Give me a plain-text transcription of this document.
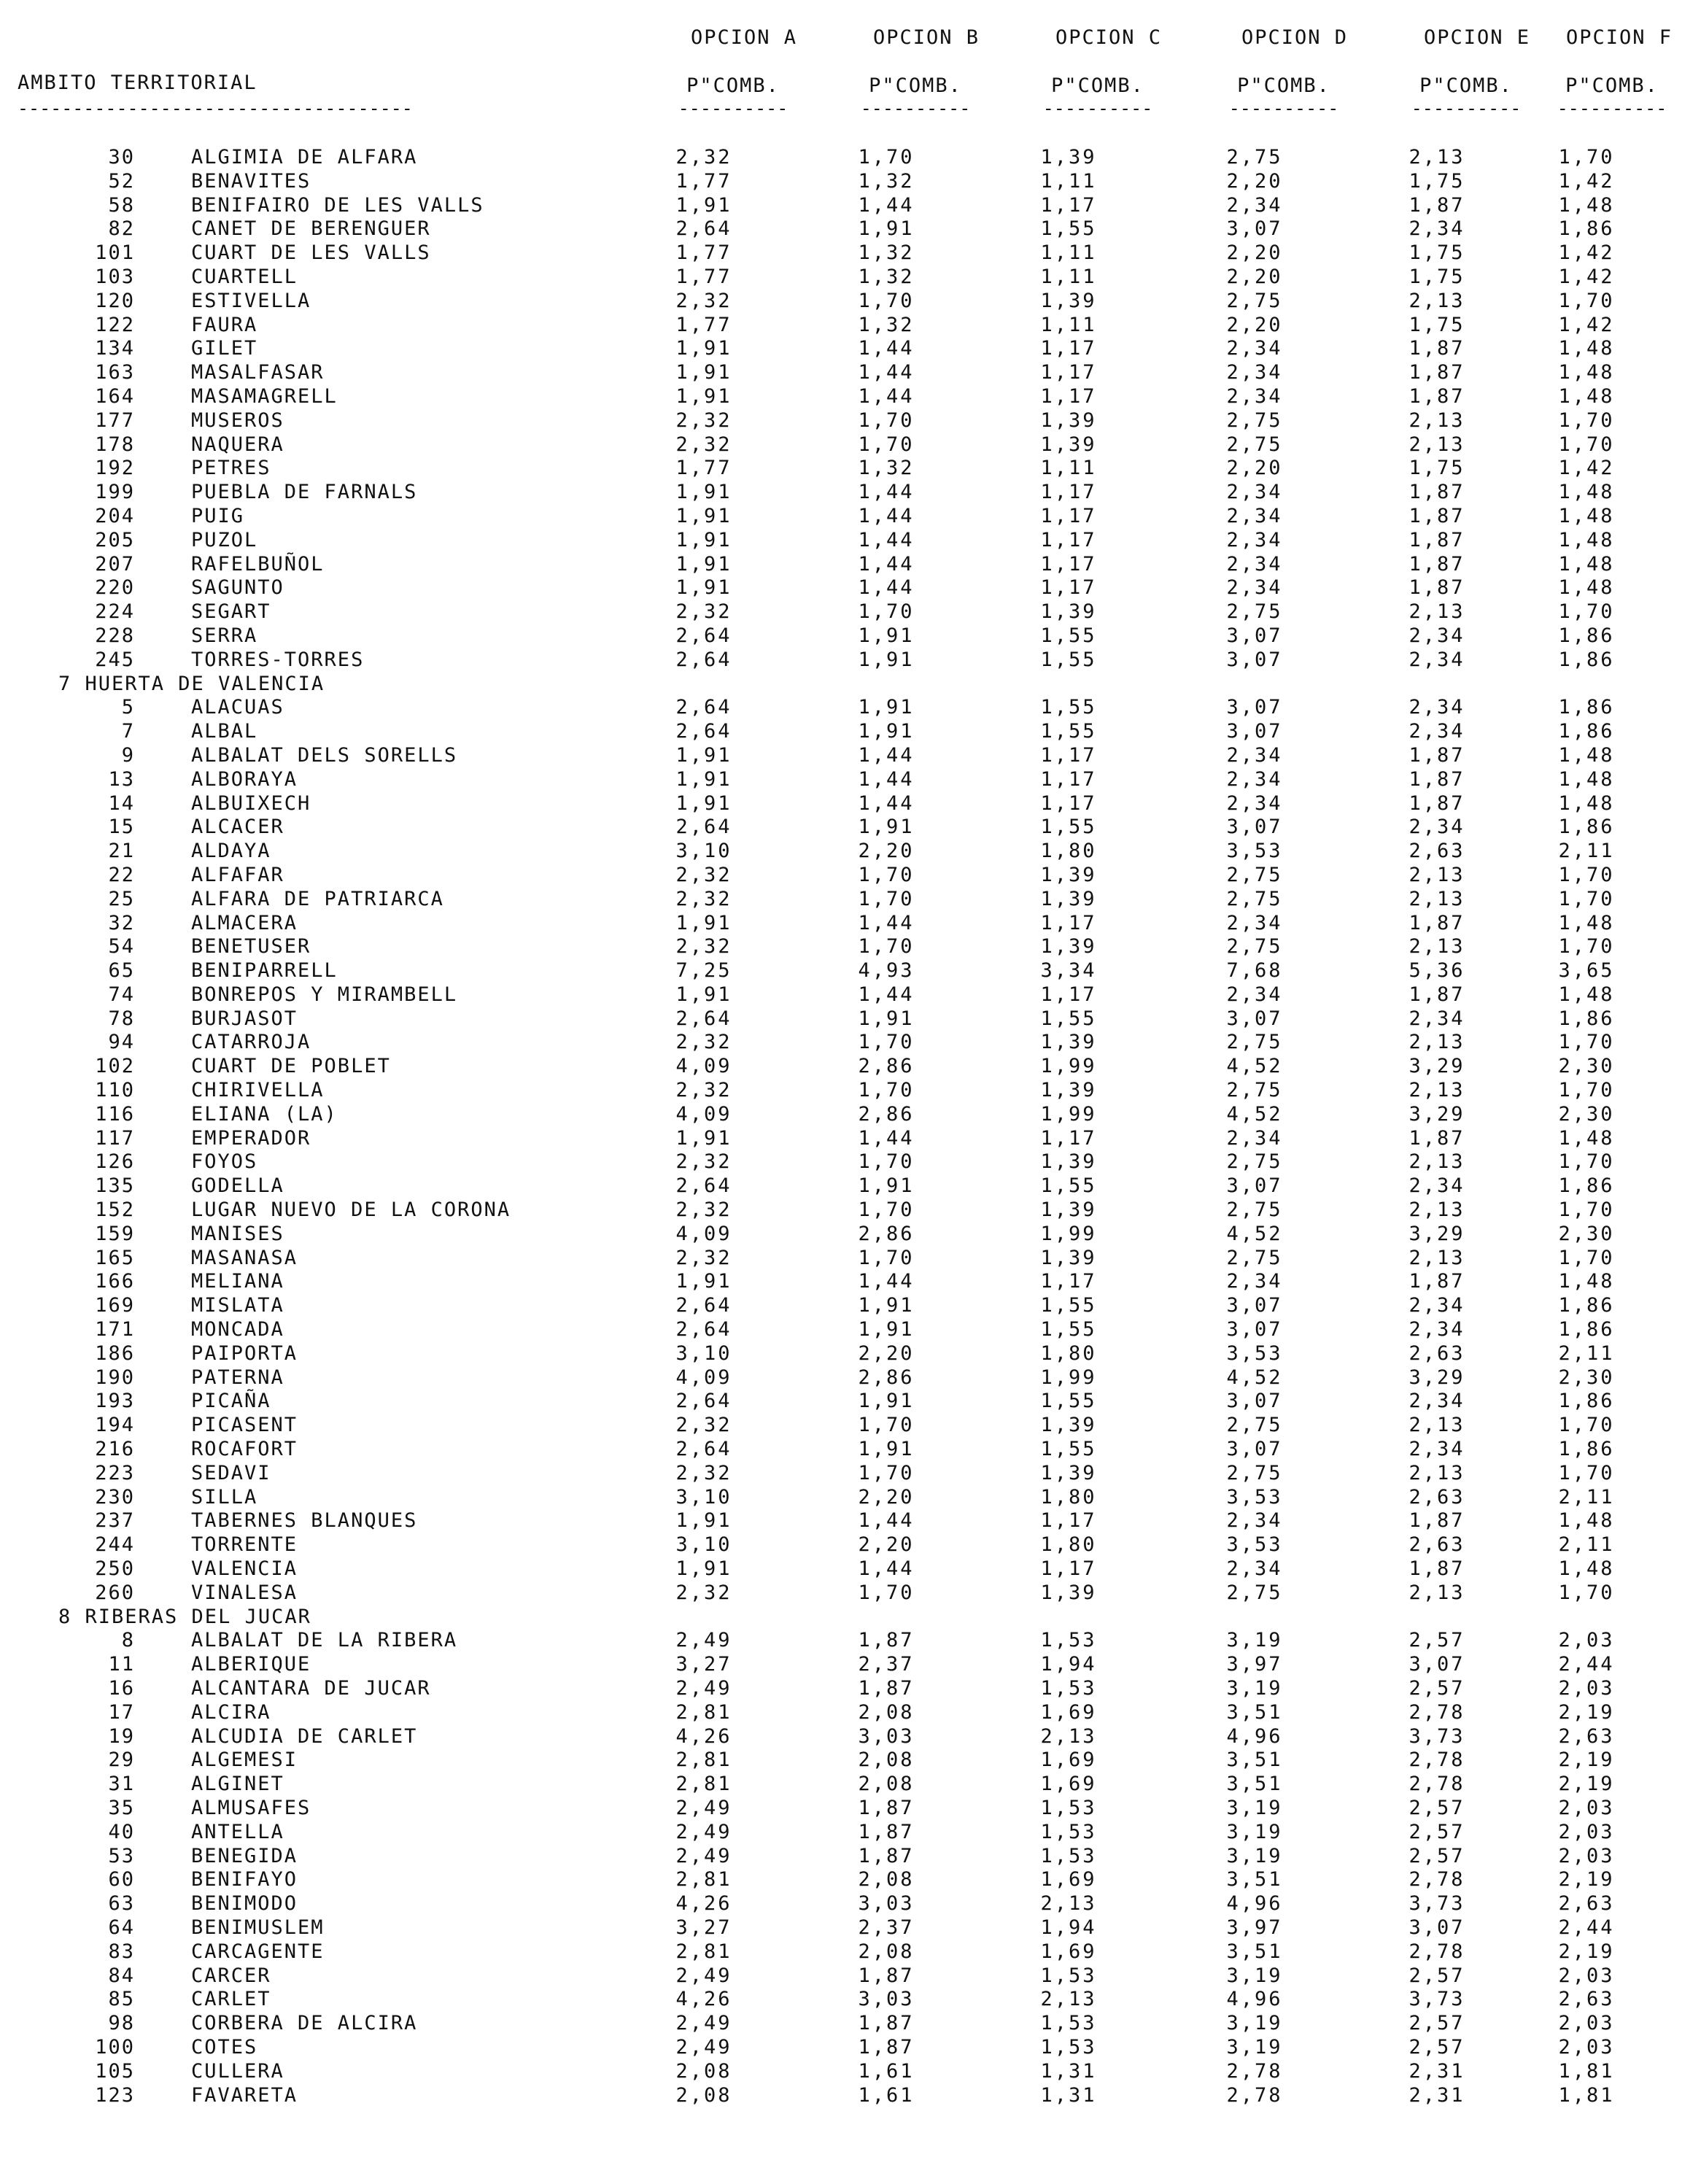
AMBITO TERRITORIAL
------------------------------------
OPCION A	OPCION B	OPCION C	OPCION D	OPCION E	OPCION F
P"COMB.	P"COMB.	P"COMB.	P"COMB.	P"COMB.	P"COMB.
----------	----------	----------	----------	----------	----------
30	ALGIMIA DE ALFARA	2,32	1,70	1,39	2,75	2,13	1,70
52	BENAVITES	1,77	1,32	1,11	2,20	1,75	1,42
58	BENIFAIRO DE LES VALLS	1,91	1,44	1,17	2,34	1,87	1,48
82	CANET DE BERENGUER	2,64	1,91	1,55	3,07	2,34	1,86
101	CUART DE LES VALLS	1,77	1,32	1,11	2,20	1,75	1,42
103	CUARTELL	1,77	1,32	1,11	2,20	1,75	1,42
120	ESTIVELLA	2,32	1,70	1,39	2,75	2,13	1,70
122	FAURA	1,77	1,32	1,11	2,20	1,75	1,42
134	GILET	1,91	1,44	1,17	2,34	1,87	1,48
163	MASALFASAR	1,91	1,44	1,17	2,34	1,87	1,48
164	MASAMAGRELL	1,91	1,44	1,17	2,34	1,87	1,48
177	MUSEROS	2,32	1,70	1,39	2,75	2,13	1,70
178	NAQUERA	2,32	1,70	1,39	2,75	2,13	1,70
192	PETRES	1,77	1,32	1,11	2,20	1,75	1,42
199	PUEBLA DE FARNALS	1,91	1,44	1,17	2,34	1,87	1,48
204	PUIG	1,91	1,44	1,17	2,34	1,87	1,48
205	PUZOL	1,91	1,44	1,17	2,34	1,87	1,48
207	RAFELBUÑOL	1,91	1,44	1,17	2,34	1,87	1,48
220	SAGUNTO	1,91	1,44	1,17	2,34	1,87	1,48
224	SEGART	2,32	1,70	1,39	2,75	2,13	1,70
228	SERRA	2,64	1,91	1,55	3,07	2,34	1,86
245	TORRES-TORRES	2,64	1,91	1,55	3,07	2,34	1,86
7 HUERTA DE VALENCIA
5	ALACUAS	2,64	1,91	1,55	3,07	2,34	1,86
7	ALBAL	2,64	1,91	1,55	3,07	2,34	1,86
9	ALBALAT DELS SORELLS	1,91	1,44	1,17	2,34	1,87	1,48
13	ALBORAYA	1,91	1,44	1,17	2,34	1,87	1,48
14	ALBUIXECH	1,91	1,44	1,17	2,34	1,87	1,48
15	ALCACER	2,64	1,91	1,55	3,07	2,34	1,86
21	ALDAYA	3,10	2,20	1,80	3,53	2,63	2,11
22	ALFAFAR	2,32	1,70	1,39	2,75	2,13	1,70
25	ALFARA DE PATRIARCA	2,32	1,70	1,39	2,75	2,13	1,70
32	ALMACERA	1,91	1,44	1,17	2,34	1,87	1,48
54	BENETUSER	2,32	1,70	1,39	2,75	2,13	1,70
65	BENIPARRELL	7,25	4,93	3,34	7,68	5,36	3,65
74	BONREPOS Y MIRAMBELL	1,91	1,44	1,17	2,34	1,87	1,48
78	BURJASOT	2,64	1,91	1,55	3,07	2,34	1,86
94	CATARROJA	2,32	1,70	1,39	2,75	2,13	1,70
102	CUART DE POBLET	4,09	2,86	1,99	4,52	3,29	2,30
110	CHIRIVELLA	2,32	1,70	1,39	2,75	2,13	1,70
116	ELIANA (LA)	4,09	2,86	1,99	4,52	3,29	2,30
117	EMPERADOR	1,91	1,44	1,17	2,34	1,87	1,48
126	FOYOS	2,32	1,70	1,39	2,75	2,13	1,70
135	GODELLA	2,64	1,91	1,55	3,07	2,34	1,86
152	LUGAR NUEVO DE LA CORONA	2,32	1,70	1,39	2,75	2,13	1,70
159	MANISES	4,09	2,86	1,99	4,52	3,29	2,30
165	MASANASA	2,32	1,70	1,39	2,75	2,13	1,70
166	MELIANA	1,91	1,44	1,17	2,34	1,87	1,48
169	MISLATA	2,64	1,91	1,55	3,07	2,34	1,86
171	MONCADA	2,64	1,91	1,55	3,07	2,34	1,86
186	PAIPORTA	3,10	2,20	1,80	3,53	2,63	2,11
190	PATERNA	4,09	2,86	1,99	4,52	3,29	2,30
193	PICAÑA	2,64	1,91	1,55	3,07	2,34	1,86
194	PICASENT	2,32	1,70	1,39	2,75	2,13	1,70
216	ROCAFORT	2,64	1,91	1,55	3,07	2,34	1,86
223	SEDAVI	2,32	1,70	1,39	2,75	2,13	1,70
230	SILLA	3,10	2,20	1,80	3,53	2,63	2,11
237	TABERNES BLANQUES	1,91	1,44	1,17	2,34	1,87	1,48
244	TORRENTE	3,10	2,20	1,80	3,53	2,63	2,11
250	VALENCIA	1,91	1,44	1,17	2,34	1,87	1,48
260	VINALESA	2,32	1,70	1,39	2,75	2,13	1,70
8 RIBERAS DEL JUCAR
8	ALBALAT DE LA RIBERA	2,49	1,87	1,53	3,19	2,57	2,03
11	ALBERIQUE	3,27	2,37	1,94	3,97	3,07	2,44
16	ALCANTARA DE JUCAR	2,49	1,87	1,53	3,19	2,57	2,03
17	ALCIRA	2,81	2,08	1,69	3,51	2,78	2,19
19	ALCUDIA DE CARLET	4,26	3,03	2,13	4,96	3,73	2,63
29	ALGEMESI	2,81	2,08	1,69	3,51	2,78	2,19
31	ALGINET	2,81	2,08	1,69	3,51	2,78	2,19
35	ALMUSAFES	2,49	1,87	1,53	3,19	2,57	2,03
40	ANTELLA	2,49	1,87	1,53	3,19	2,57	2,03
53	BENEGIDA	2,49	1,87	1,53	3,19	2,57	2,03
60	BENIFAYO	2,81	2,08	1,69	3,51	2,78	2,19
63	BENIMODO	4,26	3,03	2,13	4,96	3,73	2,63
64	BENIMUSLEM	3,27	2,37	1,94	3,97	3,07	2,44
83	CARCAGENTE	2,81	2,08	1,69	3,51	2,78	2,19
84	CARCER	2,49	1,87	1,53	3,19	2,57	2,03
85	CARLET	4,26	3,03	2,13	4,96	3,73	2,63
98	CORBERA DE ALCIRA	2,49	1,87	1,53	3,19	2,57	2,03
100	COTES	2,49	1,87	1,53	3,19	2,57	2,03
105	CULLERA	2,08	1,61	1,31	2,78	2,31	1,81
123	FAVARETA	2,08	1,61	1,31	2,78	2,31	1,81
